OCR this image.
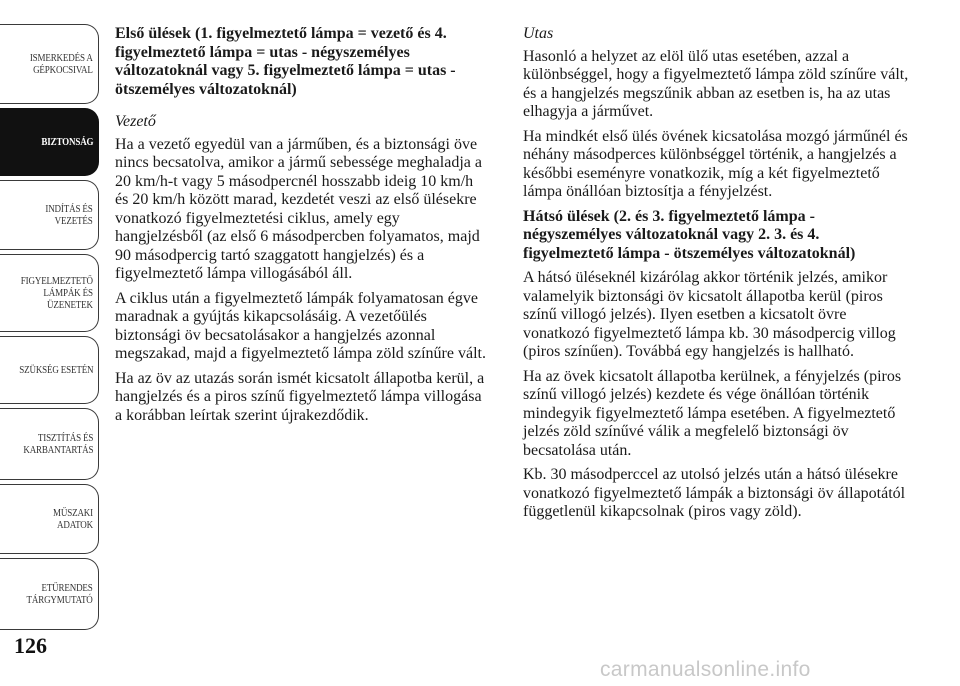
ISMERKEDÉS A
GÉPKOCSIVAL
BIZTONSÁG
INDÍTÁS ÉS
VEZETÉS
FIGYELMEZTETŐ
LÁMPÁK ÉS
ÜZENETEK
SZÜKSÉG ESETÉN
TISZTÍTÁS ÉS
KARBANTARTÁS
MŰSZAKI ADATOK
ETŰRENDES
TÁRGYMUTATÓ
126

Első ülések (1. figyelmeztető lámpa = vezető és 4. figyelmeztető lámpa = utas - négyszemélyes változatoknál vagy 5. figyelmeztető lámpa = utas - ötszemélyes változatoknál)

Vezető

Ha a vezető egyedül van a járműben, és a biztonsági öve nincs becsatolva, amikor a jármű sebessége meghaladja a 20 km/h-t vagy 5 másodpercnél hosszabb ideig 10 km/h és 20 km/h között marad, kezdetét veszi az első ülésekre vonatkozó figyelmeztetési ciklus, amely egy hangjelzésből (az első 6 másodpercben folyamatos, majd 90 másodpercig tartó szaggatott hangjelzés) és a figyelmeztető lámpa villogásából áll.

A ciklus után a figyelmeztető lámpák folyamatosan égve maradnak a gyújtás kikapcsolásáig. A vezetőülés biztonsági öv becsatolásakor a hangjelzés azonnal megszakad, majd a figyelmeztető lámpa zöld színűre vált.

Ha az öv az utazás során ismét kicsatolt állapotba kerül, a hangjelzés és a piros színű figyelmeztető lámpa villogása a korábban leírtak szerint újrakezdődik.

Utas

Hasonló a helyzet az elöl ülő utas esetében, azzal a különbséggel, hogy a figyelmeztető lámpa zöld színűre vált, és a hangjelzés megszűnik abban az esetben is, ha az utas elhagyja a járművet.

Ha mindkét első ülés övének kicsatolása mozgó járműnél és néhány másodperces különbséggel történik, a hangjelzés a későbbi eseményre vonatkozik, míg a két figyelmeztető lámpa önállóan biztosítja a fényjelzést.

Hátsó ülések (2. és 3. figyelmeztető lámpa - négyszemélyes változatoknál vagy 2. 3. és 4. figyelmeztető lámpa - ötszemélyes változatoknál)

A hátsó üléseknél kizárólag akkor történik jelzés, amikor valamelyik biztonsági öv kicsatolt állapotba kerül (piros színű villogó jelzés). Ilyen esetben a kicsatolt övre vonatkozó figyelmeztető lámpa kb. 30 másodpercig villog (piros színűen). Továbbá egy hangjelzés is hallható.

Ha az övek kicsatolt állapotba kerülnek, a fényjelzés (piros színű villogó jelzés) kezdete és vége önállóan történik mindegyik figyelmeztető lámpa esetében. A figyelmeztető jelzés zöld színűvé válik a megfelelő biztonsági öv becsatolása után.

Kb. 30 másodperccel az utolsó jelzés után a hátsó ülésekre vonatkozó figyelmeztető lámpák a biztonsági öv állapotától függetlenül kikapcsolnak (piros vagy zöld).

carmanualsonline.info
